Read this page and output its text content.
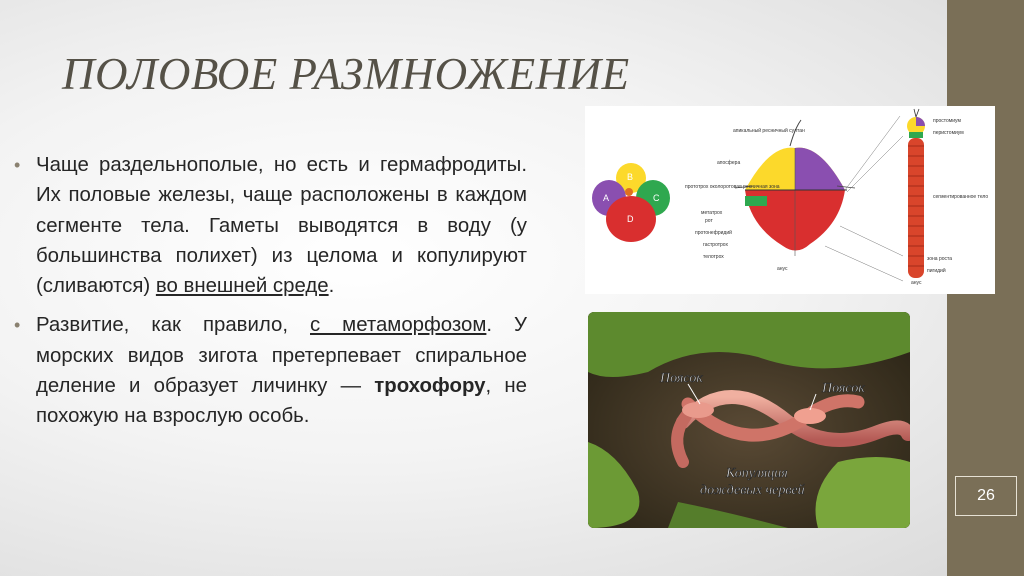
26
ПОЛОВОЕ РАЗМНОЖЕНИЕ
• Чаще раздельнополые, но есть и гермафродиты. Их половые железы, чаще расположены в каждом сегменте тела. Гаметы выводятся в воду (у большинства полихет) из целома и копулируют (сливаются) во внешней среде.
• Развитие, как правило, с метаморфозом. У морских видов зигота претерпевает спиральное деление и образует личинку — трохофору, не похожую на взрослую особь.
B
A	C
D
апикальный ресничный султан
апосфера
прототрох околоротовая ресничная зона
метатрох
рот
протонефридий
гастротрох
телотрох
анус
простомиум
перистомиум
сегментированное тело
зона роста
пигидий
анус
Поясок
Поясок
Копуляция
дождевых червей
